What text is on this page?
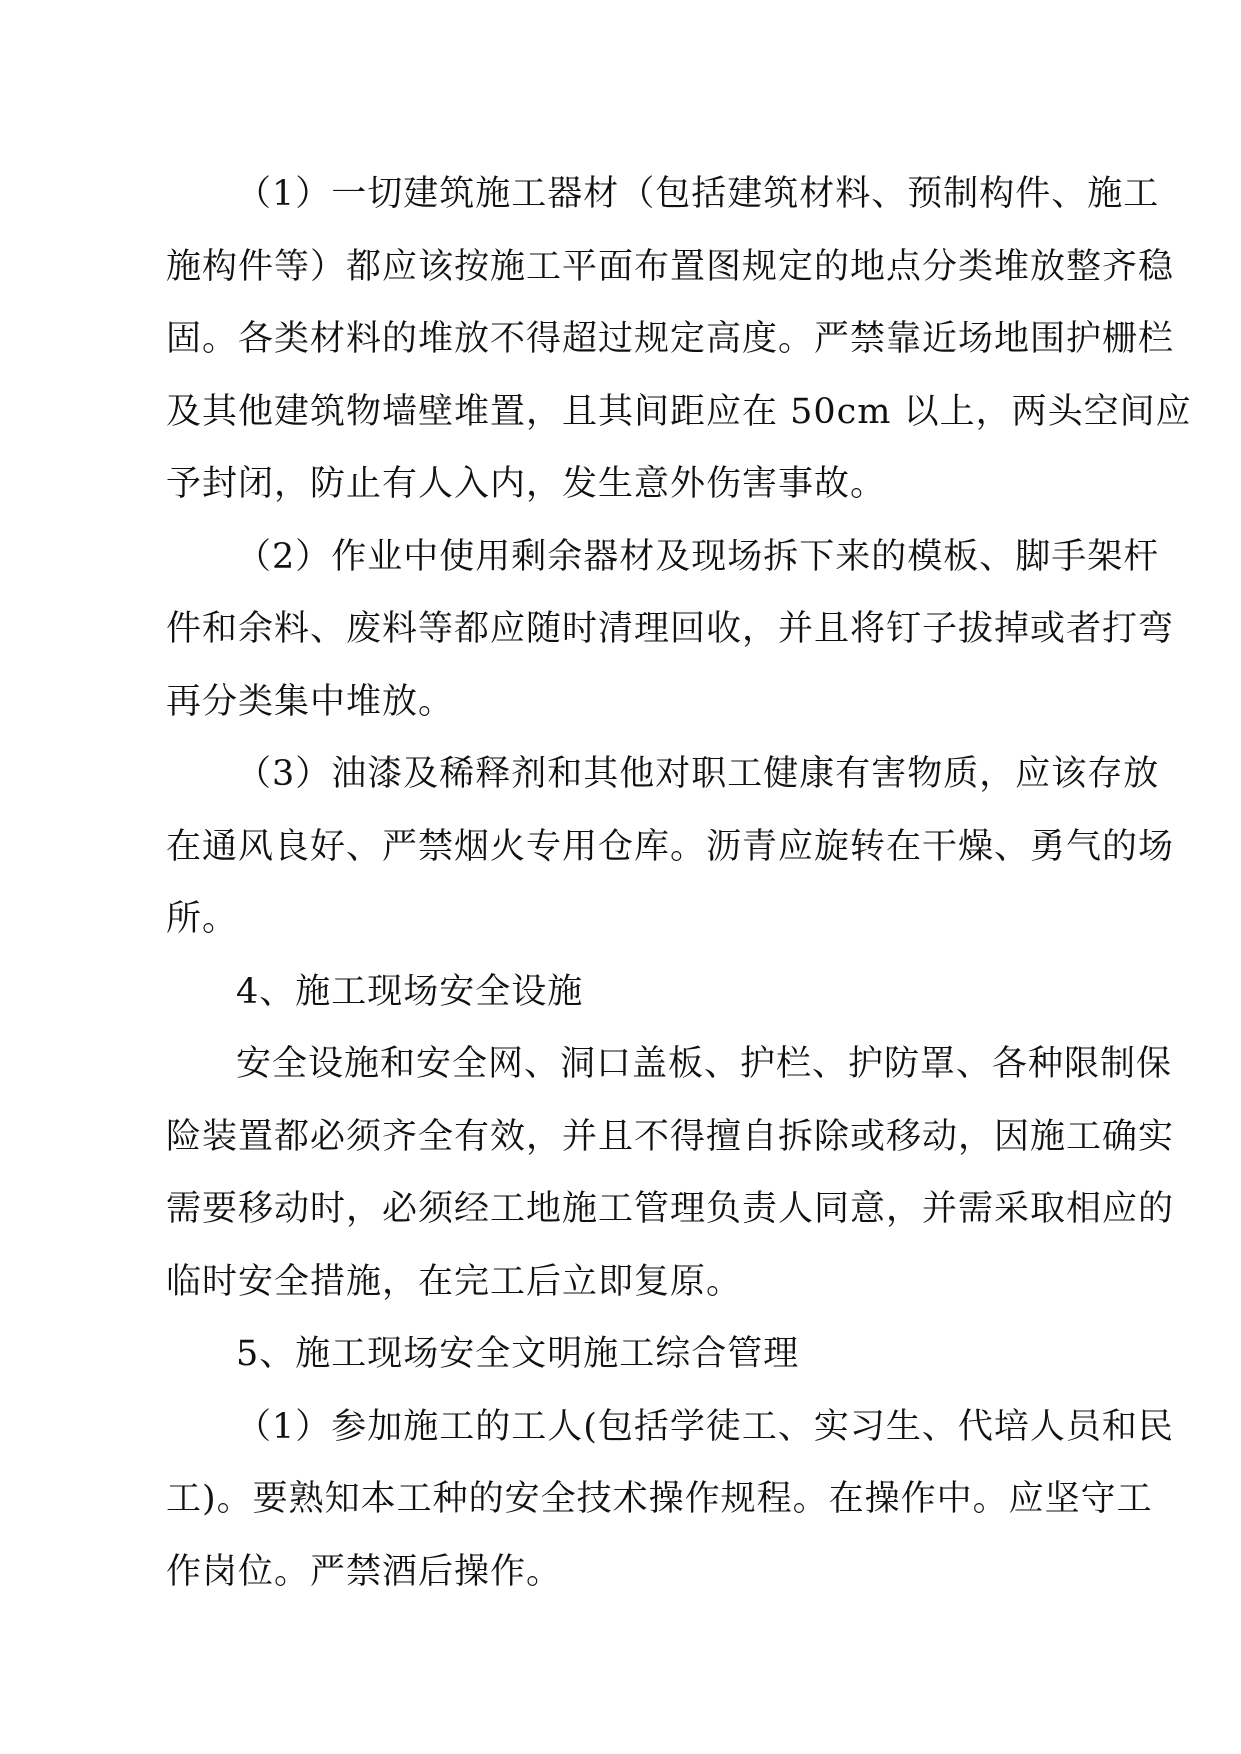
（1）一切建筑施工器材（包括建筑材料、预制构件、施工
施构件等）都应该按施工平面布置图规定的地点分类堆放整齐稳
固。各类材料的堆放不得超过规定高度。严禁靠近场地围护栅栏
及其他建筑物墙壁堆置，且其间距应在 50cm 以上，两头空间应
予封闭，防止有人入内，发生意外伤害事故。
（2）作业中使用剩余器材及现场拆下来的模板、脚手架杆
件和余料、废料等都应随时清理回收，并且将钉子拔掉或者打弯
再分类集中堆放。
（3）油漆及稀释剂和其他对职工健康有害物质，应该存放
在通风良好、严禁烟火专用仓库。沥青应旋转在干燥、勇气的场
所。
4、施工现场安全设施
安全设施和安全网、洞口盖板、护栏、护防罩、各种限制保
险装置都必须齐全有效，并且不得擅自拆除或移动，因施工确实
需要移动时，必须经工地施工管理负责人同意，并需采取相应的
临时安全措施，在完工后立即复原。
5、施工现场安全文明施工综合管理
（1）参加施工的工人(包括学徒工、实习生、代培人员和民
工)。要熟知本工种的安全技术操作规程。在操作中。应坚守工
作岗位。严禁酒后操作。
